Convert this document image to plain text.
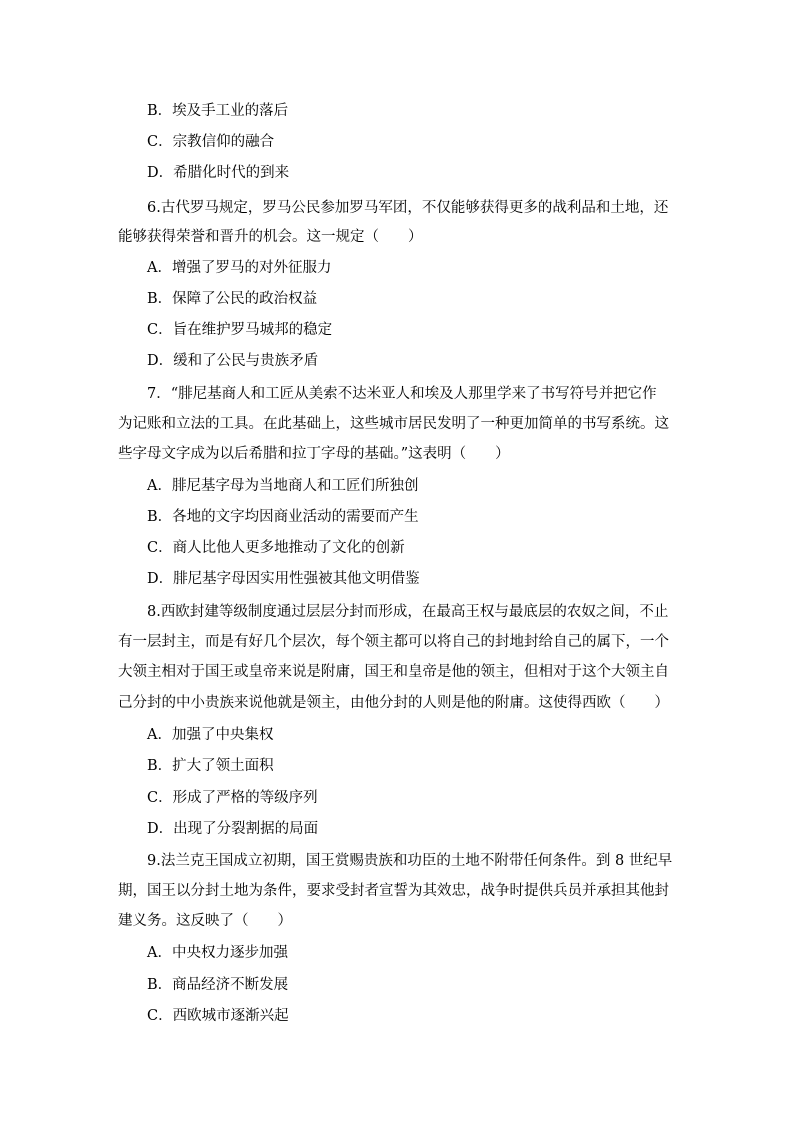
B．埃及手工业的落后
C．宗教信仰的融合
D．希腊化时代的到来
6.古代罗马规定，罗马公民参加罗马军团，不仅能够获得更多的战利品和土地，还
能够获得荣誉和晋升的机会。这一规定（　　）
A．增强了罗马的对外征服力
B．保障了公民的政治权益
C．旨在维护罗马城邦的稳定
D．缓和了公民与贵族矛盾
7．“腓尼基商人和工匠从美索不达米亚人和埃及人那里学来了书写符号并把它作
为记账和立法的工具。在此基础上，这些城市居民发明了一种更加简单的书写系统。这
些字母文字成为以后希腊和拉丁字母的基础。”这表明（　　）
A．腓尼基字母为当地商人和工匠们所独创
B．各地的文字均因商业活动的需要而产生
C．商人比他人更多地推动了文化的创新
D．腓尼基字母因实用性强被其他文明借鉴
8.西欧封建等级制度通过层层分封而形成，在最高王权与最底层的农奴之间，不止
有一层封主，而是有好几个层次，每个领主都可以将自己的封地封给自己的属下，一个
大领主相对于国王或皇帝来说是附庸，国王和皇帝是他的领主，但相对于这个大领主自
己分封的中小贵族来说他就是领主，由他分封的人则是他的附庸。这使得西欧（　　）
A．加强了中央集权
B．扩大了领土面积
C．形成了严格的等级序列
D．出现了分裂割据的局面
9.法兰克王国成立初期，国王赏赐贵族和功臣的土地不附带任何条件。到 8 世纪早
期，国王以分封土地为条件，要求受封者宣誓为其效忠，战争时提供兵员并承担其他封
建义务。这反映了（　　）
A．中央权力逐步加强
B．商品经济不断发展
C．西欧城市逐渐兴起
